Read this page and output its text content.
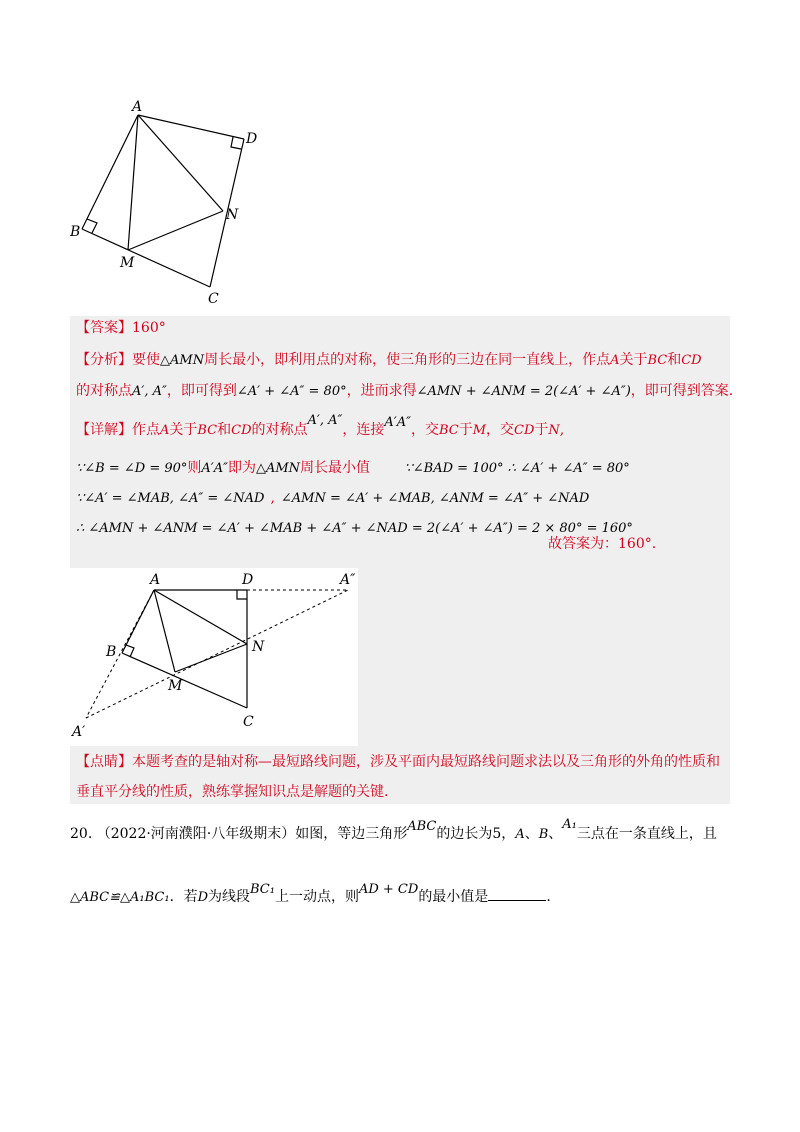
A
D
B
N
M
C
【答案】160°
【分析】要使△AMN周长最小，即利用点的对称，使三角形的三边在同一直线上，作点A关于BC和CD
的对称点A′, A″，即可得到∠A′ + ∠A″ = 80°，进而求得∠AMN + ∠ANM = 2(∠A′ + ∠A″)，即可得到答案.
【详解】作点A关于BC和CD的对称点A′, A″，连接A′A″，交BC于M，交CD于N,
∵∠B = ∠D = 90°则A′A″即为△AMN周长最小值	∵∠BAD = 100° ∴ ∠A′ + ∠A″ = 80°
∵∠A′ = ∠MAB, ∠A″ = ∠NAD , ∠AMN = ∠A′ + ∠MAB, ∠ANM = ∠A″ + ∠NAD
∴ ∠AMN + ∠ANM = ∠A′ + ∠MAB + ∠A″ + ∠NAD = 2(∠A′ + ∠A″) = 2 × 80° = 160°
故答案为：160°.
A	D	A″
B	N
M
C
A′
【点睛】本题考查的是轴对称—最短路线问题，涉及平面内最短路线问题求法以及三角形的外角的性质和
垂直平分线的性质，熟练掌握知识点是解题的关键.
20. （2022·河南濮阳·八年级期末）如图，等边三角形ABC的边长为5，A、B、A₁三点在一条直线上，且
△ABC≌△A₁BC₁．若D为线段BC₁上一动点，则AD + CD的最小值是	.
